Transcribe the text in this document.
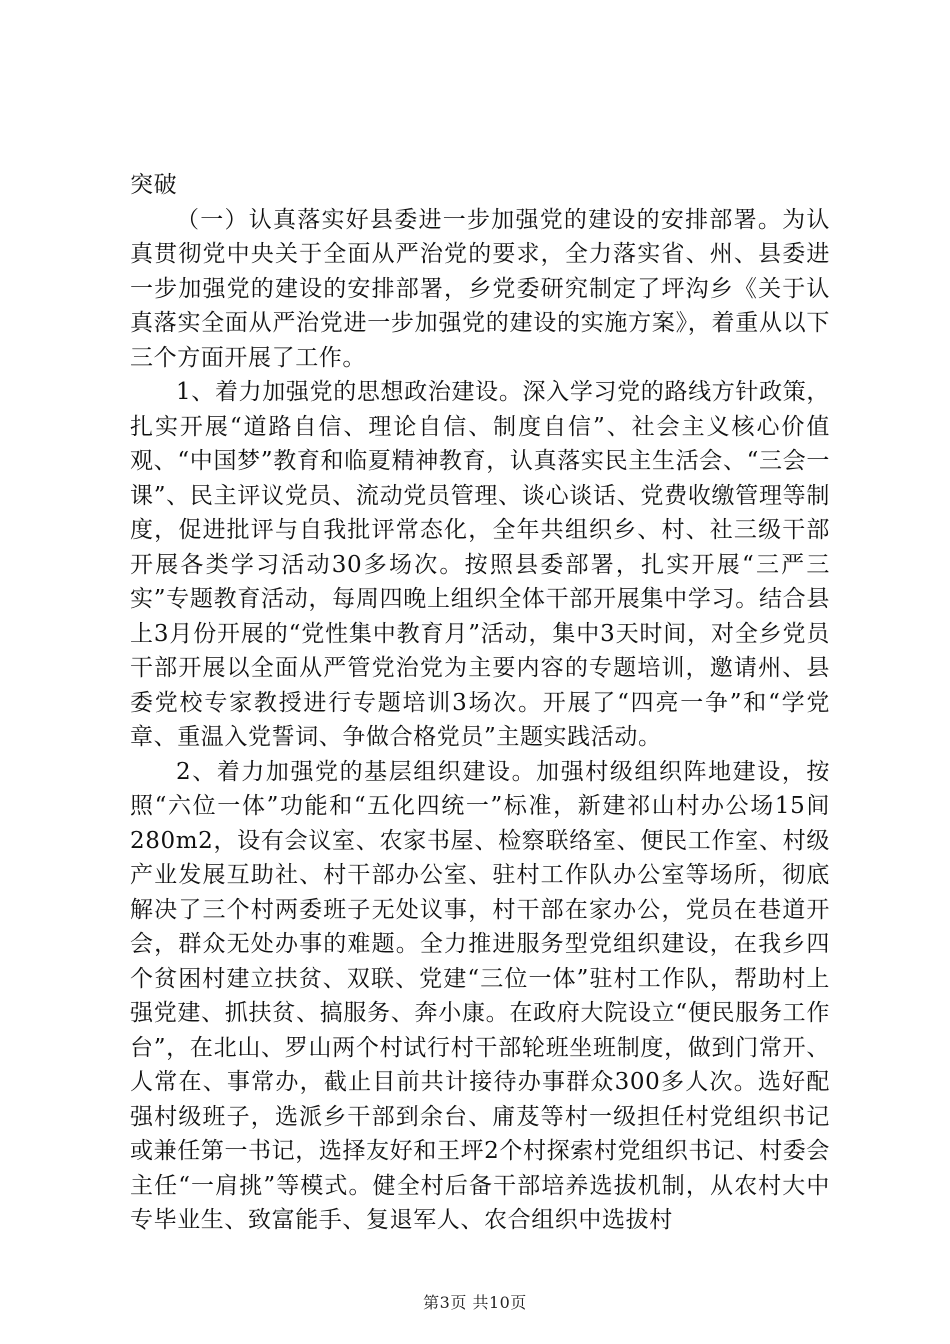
突破

（一）认真落实好县委进一步加强党的建设的安排部署。为认真贯彻党中央关于全面从严治党的要求，全力落实省、州、县委进一步加强党的建设的安排部署，乡党委研究制定了坪沟乡《关于认真落实全面从严治党进一步加强党的建设的实施方案》，着重从以下三个方面开展了工作。

1、着力加强党的思想政治建设。深入学习党的路线方针政策，扎实开展“道路自信、理论自信、制度自信”、社会主义核心价值观、“中国梦”教育和临夏精神教育，认真落实民主生活会、“三会一课”、民主评议党员、流动党员管理、谈心谈话、党费收缴管理等制度，促进批评与自我批评常态化，全年共组织乡、村、社三级干部开展各类学习活动30多场次。按照县委部署，扎实开展“三严三实”专题教育活动，每周四晚上组织全体干部开展集中学习。结合县上3月份开展的“党性集中教育月”活动，集中3天时间，对全乡党员干部开展以全面从严管党治党为主要内容的专题培训，邀请州、县委党校专家教授进行专题培训3场次。开展了“四亮一争”和“学党章、重温入党誓词、争做合格党员”主题实践活动。

2、着力加强党的基层组织建设。加强村级组织阵地建设，按照“六位一体”功能和“五化四统一”标准，新建祁山村办公场15间280m2，设有会议室、农家书屋、检察联络室、便民工作室、村级产业发展互助社、村干部办公室、驻村工作队办公室等场所，彻底解决了三个村两委班子无处议事，村干部在家办公，党员在巷道开会，群众无处办事的难题。全力推进服务型党组织建设，在我乡四个贫困村建立扶贫、双联、党建“三位一体”驻村工作队，帮助村上强党建、抓扶贫、搞服务、奔小康。在政府大院设立“便民服务工作台”，在北山、罗山两个村试行村干部轮班坐班制度，做到门常开、人常在、事常办，截止目前共计接待办事群众300多人次。选好配强村级班子，选派乡干部到余台、庯芨等村一级担任村党组织书记或兼任第一书记，选择友好和王坪2个村探索村党组织书记、村委会主任“一肩挑”等模式。健全村后备干部培养选拔机制，从农村大中专毕业生、致富能手、复退军人、农合组织中选拔村

第3页 共10页
